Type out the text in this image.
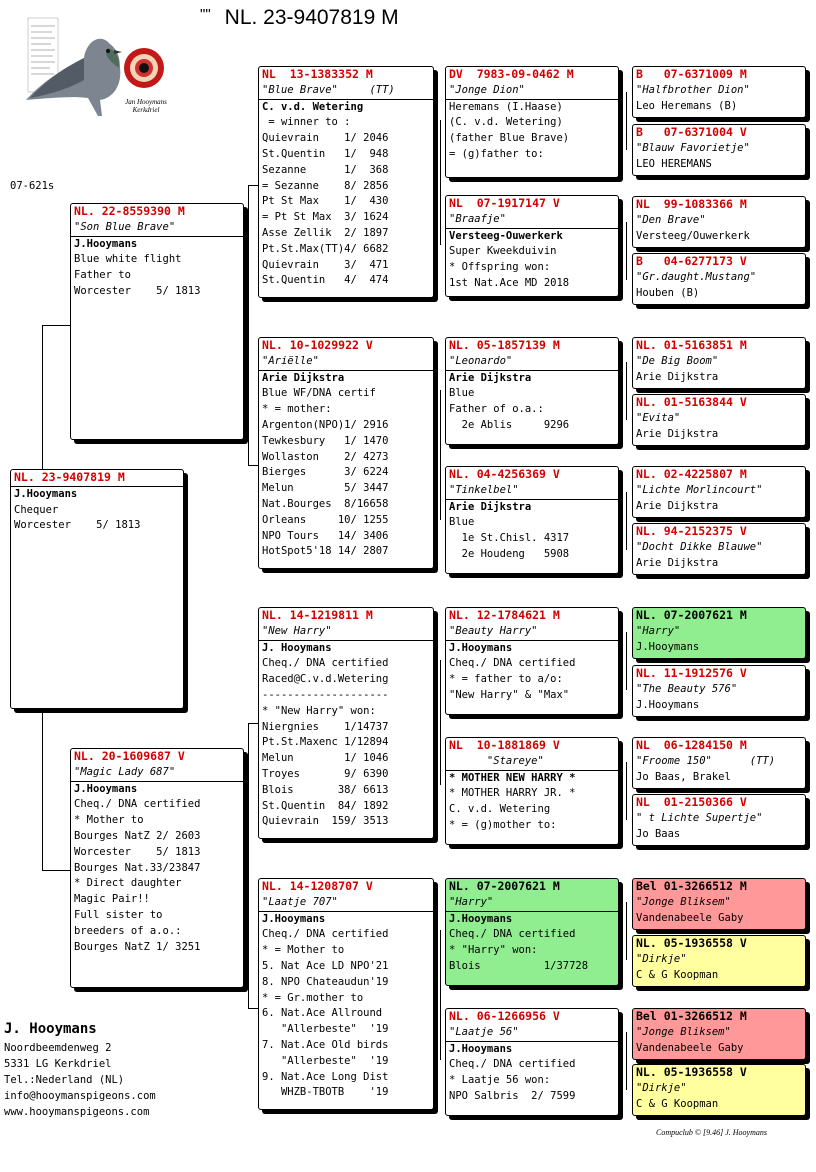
"" NL. 23-9407819 M
Jan Hooymans Kerkdriel
07-621s
NL. 23-9407819 M
J.Hooymans
Chequer
Worcester    5/ 1813
NL. 22-8559390 M
"Son Blue Brave"
J.Hooymans
Blue white flight
Father to
Worcester    5/ 1813
NL. 20-1609687 V
"Magic Lady 687"
J.Hooymans
Cheq./ DNA certified
* Mother to
Bourges NatZ 2/ 2603
Worcester    5/ 1813
Bourges Nat.33/23847
* Direct daughter
Magic Pair!!
Full sister to
breeders of a.o.:
Bourges NatZ 1/ 3251
NL  13-1383352 M
"Blue Brave"     (TT)
C. v.d. Wetering
= winner to :
Quievrain    1/ 2046
St.Quentin   1/  948
Sezanne      1/  368
= Sezanne    8/ 2856
Pt St Max    1/  430
= Pt St Max  3/ 1624
Asse Zellik  2/ 1897
Pt.St.Max(TT)4/ 6682
Quievrain    3/  471
St.Quentin   4/  474
NL. 10-1029922 V
"Ariëlle"
Arie Dijkstra
Blue WF/DNA certif
* = mother:
Argenton(NPO)1/ 2916
Tewkesbury   1/ 1470
Wollaston    2/ 4273
Bierges      3/ 6224
Melun        5/ 3447
Nat.Bourges  8/16658
Orleans     10/ 1255
NPO Tours   14/ 3406
HotSpot5'18 14/ 2807
NL. 14-1219811 M
"New Harry"
J. Hooymans
Cheq./ DNA certified
Raced@C.v.d.Wetering
--------------------
* "New Harry" won:
Niergnies    1/14737
Pt.St.Maxenc 1/12894
Melun        1/ 1046
Troyes       9/ 6390
Blois       38/ 6613
St.Quentin  84/ 1892
Quievrain  159/ 3513
NL. 14-1208707 V
"Laatje 707"
J.Hooymans
Cheq./ DNA certified
* = Mother to
5. Nat Ace LD NPO'21
8. NPO Chateaudun'19
* = Gr.mother to
6. Nat.Ace Allround
"Allerbeste"  '19
7. Nat.Ace Old birds
"Allerbeste"  '19
9. Nat.Ace Long Dist
WHZB-TBOTB    '19
DV  7983-09-0462 M
"Jonge Dion"
Heremans (I.Haase)
(C. v.d. Wetering)
(father Blue Brave)
= (g)father to:
NL  07-1917147 V
"Braafje"
Versteeg-Ouwerkerk
Super Kweekduivin
* Offspring won:
1st Nat.Ace MD 2018
NL. 05-1857139 M
"Leonardo"
Arie Dijkstra
Blue
Father of o.a.:
2e Ablis     9296
NL. 04-4256369 V
"Tinkelbel"
Arie Dijkstra
Blue
1e St.Chisl. 4317
2e Houdeng   5908
NL. 12-1784621 M
"Beauty Harry"
J.Hooymans
Cheq./ DNA certified
* = father to a/o:
"New Harry" & "Max"
NL  10-1881869 V
"Stareye"
* MOTHER NEW HARRY *
* MOTHER HARRY JR. *
C. v.d. Wetering
* = (g)mother to:
NL. 07-2007621 M
"Harry"
J.Hooymans
Cheq./ DNA certified
* "Harry" won:
Blois          1/37728
NL. 06-1266956 V
"Laatje 56"
J.Hooymans
Cheq./ DNA certified
* Laatje 56 won:
NPO Salbris  2/ 7599
B   07-6371009 M
"Halfbrother Dion"
Leo Heremans (B)
B   07-6371004 V
"Blauw Favorietje"
LEO HEREMANS
NL  99-1083366 M
"Den Brave"
Versteeg/Ouwerkerk
B   04-6277173 V
"Gr.daught.Mustang"
Houben (B)
NL. 01-5163851 M
"De Big Boom"
Arie Dijkstra
NL. 01-5163844 V
"Evita"
Arie Dijkstra
NL. 02-4225807 M
"Lichte Morlincourt"
Arie Dijkstra
NL. 94-2152375 V
"Docht Dikke Blauwe"
Arie Dijkstra
NL. 07-2007621 M
"Harry"
J.Hooymans
NL. 11-1912576 V
"The Beauty 576"
J.Hooymans
NL  06-1284150 M
"Froome 150"      (TT)
Jo Baas, Brakel
NL  01-2150366 V
" t Lichte Supertje"
Jo Baas
Bel 01-3266512 M
"Jonge Bliksem"
Vandenabeele Gaby
NL. 05-1936558 V
"Dirkje"
C & G Koopman
Bel 01-3266512 M
"Jonge Bliksem"
Vandenabeele Gaby
NL. 05-1936558 V
"Dirkje"
C & G Koopman
J. Hooymans
Noordbeemdenweg 2
5331 LG Kerkdriel
Tel.:Nederland (NL)
info@hooymanspigeons.com
www.hooymanspigeons.com
Compuclub © [9.46] J. Hooymans
